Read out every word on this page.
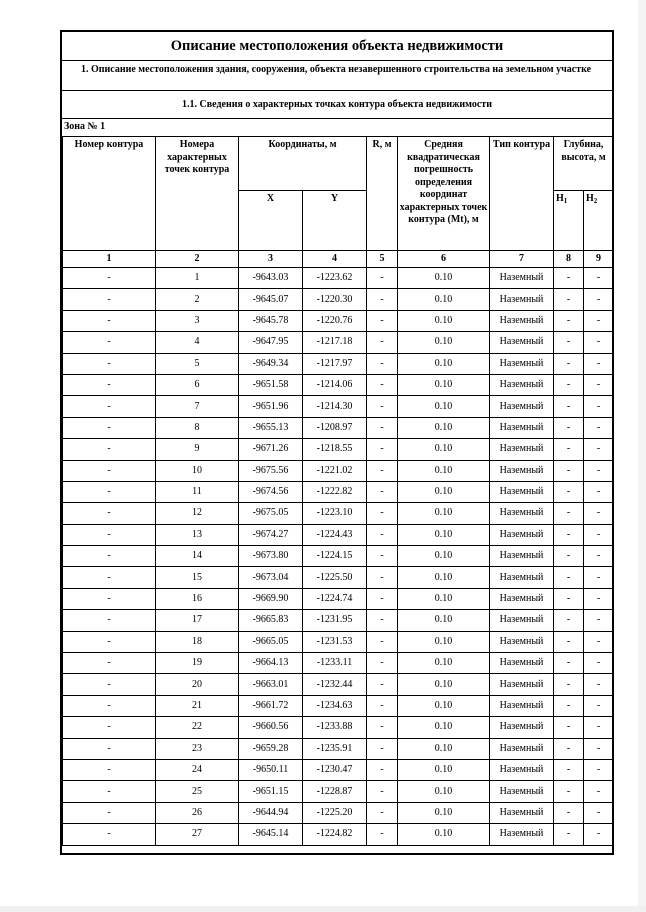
Описание местоположения объекта недвижимости
1. Описание местоположения здания, сооружения, объекта незавершенного строительства на земельном участке
1.1. Сведения о характерных точках контура объекта недвижимости
Зона № 1
Номер контура	Номера характерных точек контура	Координаты, м		R, м	Средняя квадратическая погрешность определения координат характерных точек контура (Mt), м	Тип контура	Глубина, высота, м	
		X	Y				$H_1$	$H_2$
1	2	3	4	5	6	7	8	9
-	1	-9643.03	-1223.62	-	0.10	Наземный	-	-
-	2	-9645.07	-1220.30	-	0.10	Наземный	-	-
-	3	-9645.78	-1220.76	-	0.10	Наземный	-	-
-	4	-9647.95	-1217.18	-	0.10	Наземный	-	-
-	5	-9649.34	-1217.97	-	0.10	Наземный	-	-
-	6	-9651.58	-1214.06	-	0.10	Наземный	-	-
-	7	-9651.96	-1214.30	-	0.10	Наземный	-	-
-	8	-9655.13	-1208.97	-	0.10	Наземный	-	-
-	9	-9671.26	-1218.55	-	0.10	Наземный	-	-
-	10	-9675.56	-1221.02	-	0.10	Наземный	-	-
-	11	-9674.56	-1222.82	-	0.10	Наземный	-	-
-	12	-9675.05	-1223.10	-	0.10	Наземный	-	-
-	13	-9674.27	-1224.43	-	0.10	Наземный	-	-
-	14	-9673.80	-1224.15	-	0.10	Наземный	-	-
-	15	-9673.04	-1225.50	-	0.10	Наземный	-	-
-	16	-9669.90	-1224.74	-	0.10	Наземный	-	-
-	17	-9665.83	-1231.95	-	0.10	Наземный	-	-
-	18	-9665.05	-1231.53	-	0.10	Наземный	-	-
-	19	-9664.13	-1233.11	-	0.10	Наземный	-	-
-	20	-9663.01	-1232.44	-	0.10	Наземный	-	-
-	21	-9661.72	-1234.63	-	0.10	Наземный	-	-
-	22	-9660.56	-1233.88	-	0.10	Наземный	-	-
-	23	-9659.28	-1235.91	-	0.10	Наземный	-	-
-	24	-9650.11	-1230.47	-	0.10	Наземный	-	-
-	25	-9651.15	-1228.87	-	0.10	Наземный	-	-
-	26	-9644.94	-1225.20	-	0.10	Наземный	-	-
-	27	-9645.14	-1224.82	-	0.10	Наземный	-	-
